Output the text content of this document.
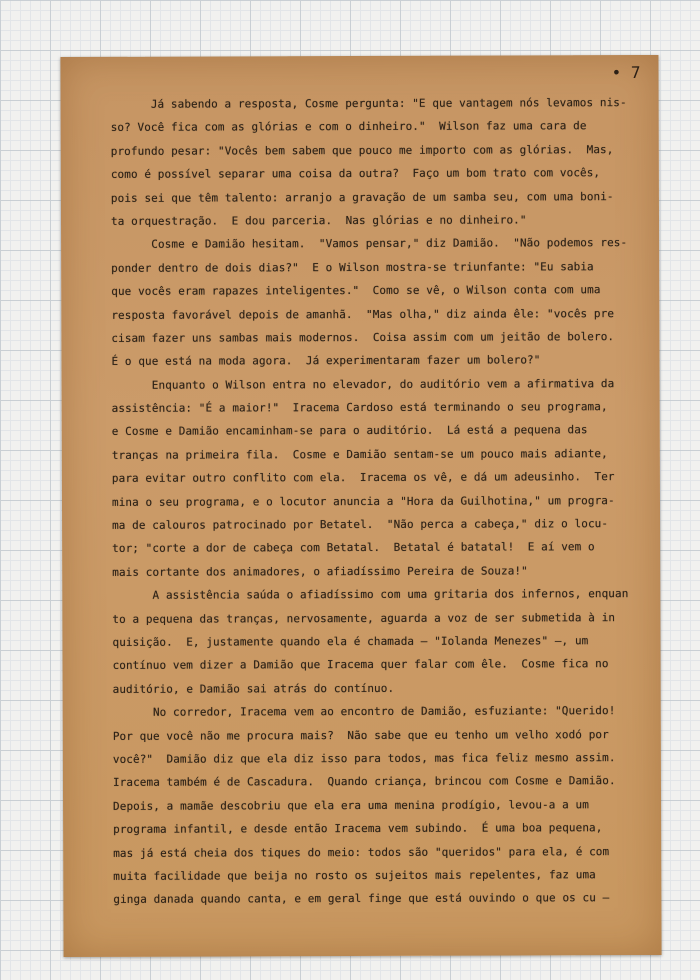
• 7
Já sabendo a resposta, Cosme pergunta: "E que vantagem nós levamos nis-
so? Você fica com as glórias e com o dinheiro."  Wilson faz uma cara de
profundo pesar: "Vocês bem sabem que pouco me importo com as glórias.  Mas,
como é possível separar uma coisa da outra?  Faço um bom trato com vocês,
pois sei que têm talento: arranjo a gravação de um samba seu, com uma boni-
ta orquestração.  E dou parceria.  Nas glórias e no dinheiro."
Cosme e Damião hesitam.  "Vamos pensar," diz Damião.  "Não podemos res-
ponder dentro de dois dias?"  E o Wilson mostra-se triunfante: "Eu sabia
que vocês eram rapazes inteligentes."  Como se vê, o Wilson conta com uma
resposta favorável depois de amanhã.  "Mas olha," diz ainda êle: "vocês pre
cisam fazer uns sambas mais modernos.  Coisa assim com um jeitão de bolero.
É o que está na moda agora.  Já experimentaram fazer um bolero?"
Enquanto o Wilson entra no elevador, do auditório vem a afirmativa da
assistência: "É a maior!"  Iracema Cardoso está terminando o seu programa,
e Cosme e Damião encaminham-se para o auditório.  Lá está a pequena das
tranças na primeira fila.  Cosme e Damião sentam-se um pouco mais adiante,
para evitar outro conflito com ela.  Iracema os vê, e dá um adeusinho.  Ter
mina o seu programa, e o locutor anuncia a "Hora da Guilhotina," um progra-
ma de calouros patrocinado por Betatel.  "Não perca a cabeça," diz o locu-
tor; "corte a dor de cabeça com Betatal.  Betatal é batatal!  E aí vem o
mais cortante dos animadores, o afiadíssimo Pereira de Souza!"
A assistência saúda o afiadíssimo com uma gritaria dos infernos, enquan
to a pequena das tranças, nervosamente, aguarda a voz de ser submetida à in
quisição.  E, justamente quando ela é chamada — "Iolanda Menezes" —, um
contínuo vem dizer a Damião que Iracema quer falar com êle.  Cosme fica no
auditório, e Damião sai atrás do contínuo.
No corredor, Iracema vem ao encontro de Damião, esfuziante: "Querido!
Por que você não me procura mais?  Não sabe que eu tenho um velho xodó por
você?"  Damião diz que ela diz isso para todos, mas fica feliz mesmo assim.
Iracema também é de Cascadura.  Quando criança, brincou com Cosme e Damião.
Depois, a mamãe descobriu que ela era uma menina prodígio, levou-a a um
programa infantil, e desde então Iracema vem subindo.  É uma boa pequena,
mas já está cheia dos tiques do meio: todos são "queridos" para ela, é com
muita facilidade que beija no rosto os sujeitos mais repelentes, faz uma
ginga danada quando canta, e em geral finge que está ouvindo o que os cu —
